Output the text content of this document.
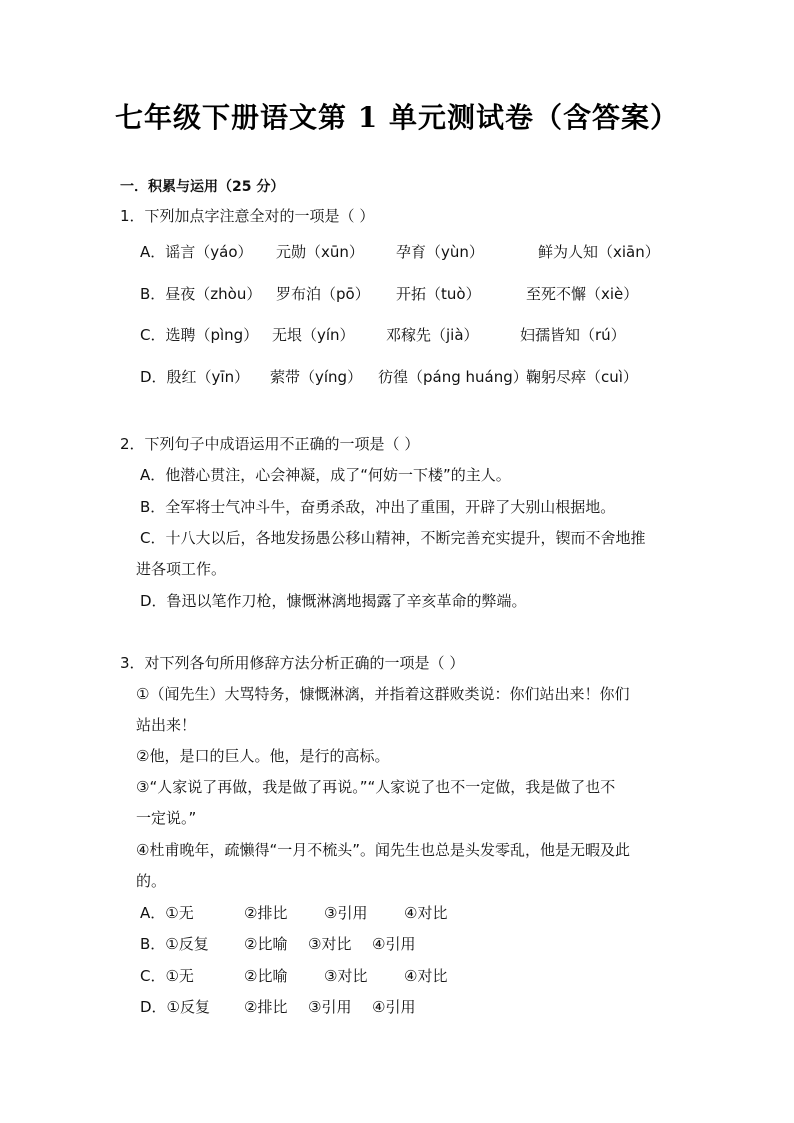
七年级下册语文第 1 单元测试卷（含答案）
一．积累与运用（25 分）
1．下列加点字注意全对的一项是（ ）
A．谣言（yáo） 元勋（xūn） 孕育（yùn）	鲜为人知（xiān）
B．昼夜（zhòu） 罗布泊（pō） 开拓（tuò）	至死不懈（xiè）
C．选聘（pìng） 无垠（yín） 邓稼先（jià）	妇孺皆知（rú）
D．殷红（yīn） 萦带（yíng） 彷徨（páng huáng）
鞠躬尽瘁（cuì）
2．下列句子中成语运用不正确的一项是（ ）
A．他潜心贯注，心会神凝，成了“何妨一下楼”的主人。
B．全军将士气冲斗牛，奋勇杀敌，冲出了重围，开辟了大别山根据地。
C．十八大以后，各地发扬愚公移山精神，不断完善充实提升，锲而不舍地推
进各项工作。
D．鲁迅以笔作刀枪，慷慨淋漓地揭露了辛亥革命的弊端。
3．对下列各句所用修辞方法分析正确的一项是（ ）
①（闻先生）大骂特务，慷慨淋漓，并指着这群败类说：你们站出来！你们
站出来！
②他，是口的巨人。他，是行的高标。
③“人家说了再做，我是做了再说。”“人家说了也不一定做，我是做了也不
一定说。”
④杜甫晚年，疏懒得“一月不梳头”。闻先生也总是头发零乱，他是无暇及此
的。
A．①无	②排比 ③引用 ④对比
B．①反复 ②比喻 ③对比 ④引用
C．①无	②比喻 ③对比 ④对比
D．①反复 ②排比 ③引用 ④引用
